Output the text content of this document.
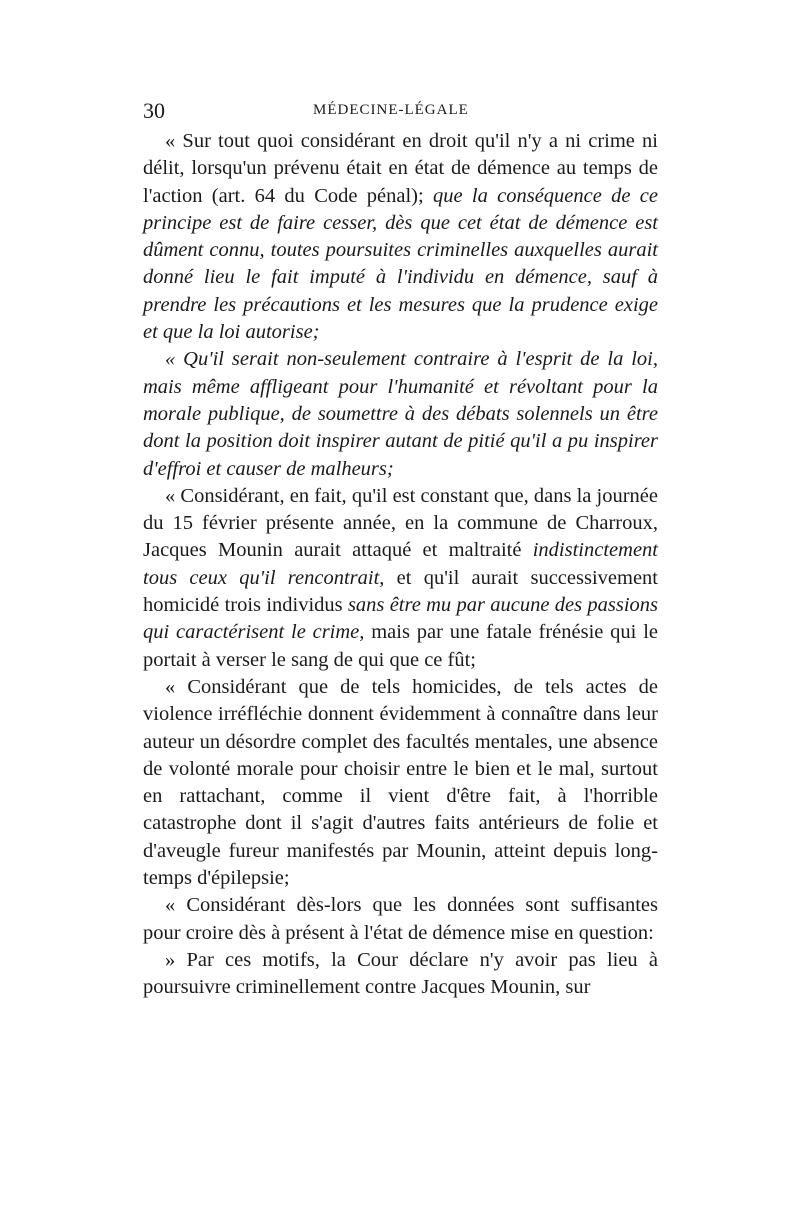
30	MÉDECINE-LÉGALE

« Sur tout quoi considérant en droit qu'il n'y a ni crime ni délit, lorsqu'un prévenu était en état de démence au temps de l'action (art. 64 du Code pénal); que la conséquence de ce principe est de faire cesser, dès que cet état de démence est dûment connu, toutes poursuites criminelles auxquelles aurait donné lieu le fait imputé à l'individu en démence, sauf à prendre les précautions et les mesures que la prudence exige et que la loi autorise;

« Qu'il serait non-seulement contraire à l'esprit de la loi, mais même affligeant pour l'humanité et révoltant pour la morale publique, de soumettre à des débats solennels un être dont la position doit inspirer autant de pitié qu'il a pu inspirer d'effroi et causer de malheurs;

« Considérant, en fait, qu'il est constant que, dans la journée du 15 février présente année, en la commune de Charroux, Jacques Mounin aurait attaqué et maltraité indistinctement tous ceux qu'il rencontrait, et qu'il aurait successivement homicidé trois individus sans être mu par aucune des passions qui caractérisent le crime, mais par une fatale frénésie qui le portait à verser le sang de qui que ce fût;

« Considérant que de tels homicides, de tels actes de violence irréfléchie donnent évidemment à connaître dans leur auteur un désordre complet des facultés mentales, une absence de volonté morale pour choisir entre le bien et le mal, surtout en rattachant, comme il vient d'être fait, à l'horrible catastrophe dont il s'agit d'autres faits antérieurs de folie et d'aveugle fureur manifestés par Mounin, atteint depuis long-temps d'épilepsie;

« Considérant dès-lors que les données sont suffisantes pour croire dès à présent à l'état de démence mise en question:

» Par ces motifs, la Cour déclare n'y avoir pas lieu à poursuivre criminellement contre Jacques Mounin, sur
